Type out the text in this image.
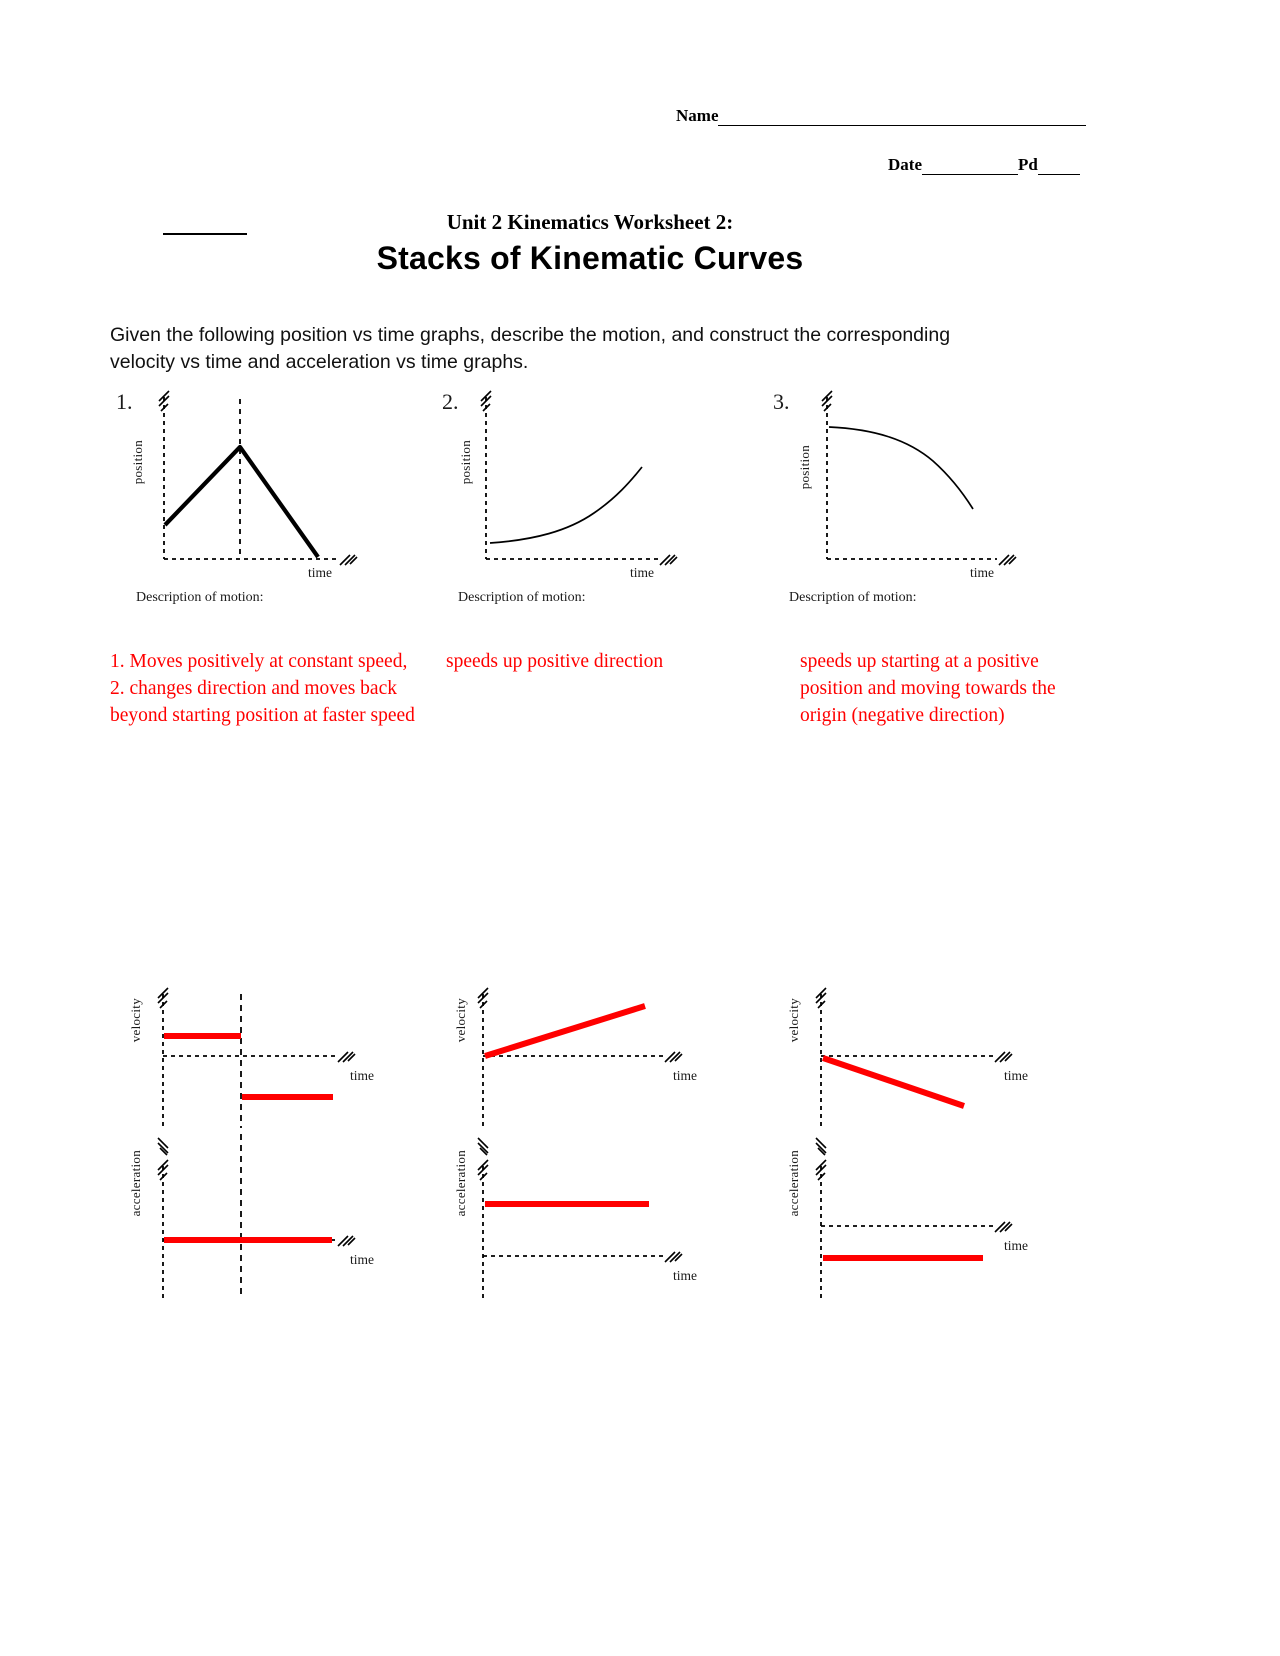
Name
Date	Pd
Unit 2 Kinematics Worksheet 2:
Stacks of Kinematic Curves
Given the following position vs time graphs, describe the motion, and construct the corresponding velocity vs time and acceleration vs time graphs.
1.
position
time
Description of motion:
2.
position
time
Description of motion:
3.
position
time
Description of motion:
1. Moves positively at constant speed,
2. changes direction and moves back beyond starting position at faster speed
speeds up positive direction	speeds up starting at a positive position and moving towards the origin (negative direction)
velocity
time
velocity
time
velocity
time
acceleration
time
acceleration
time
acceleration
time
